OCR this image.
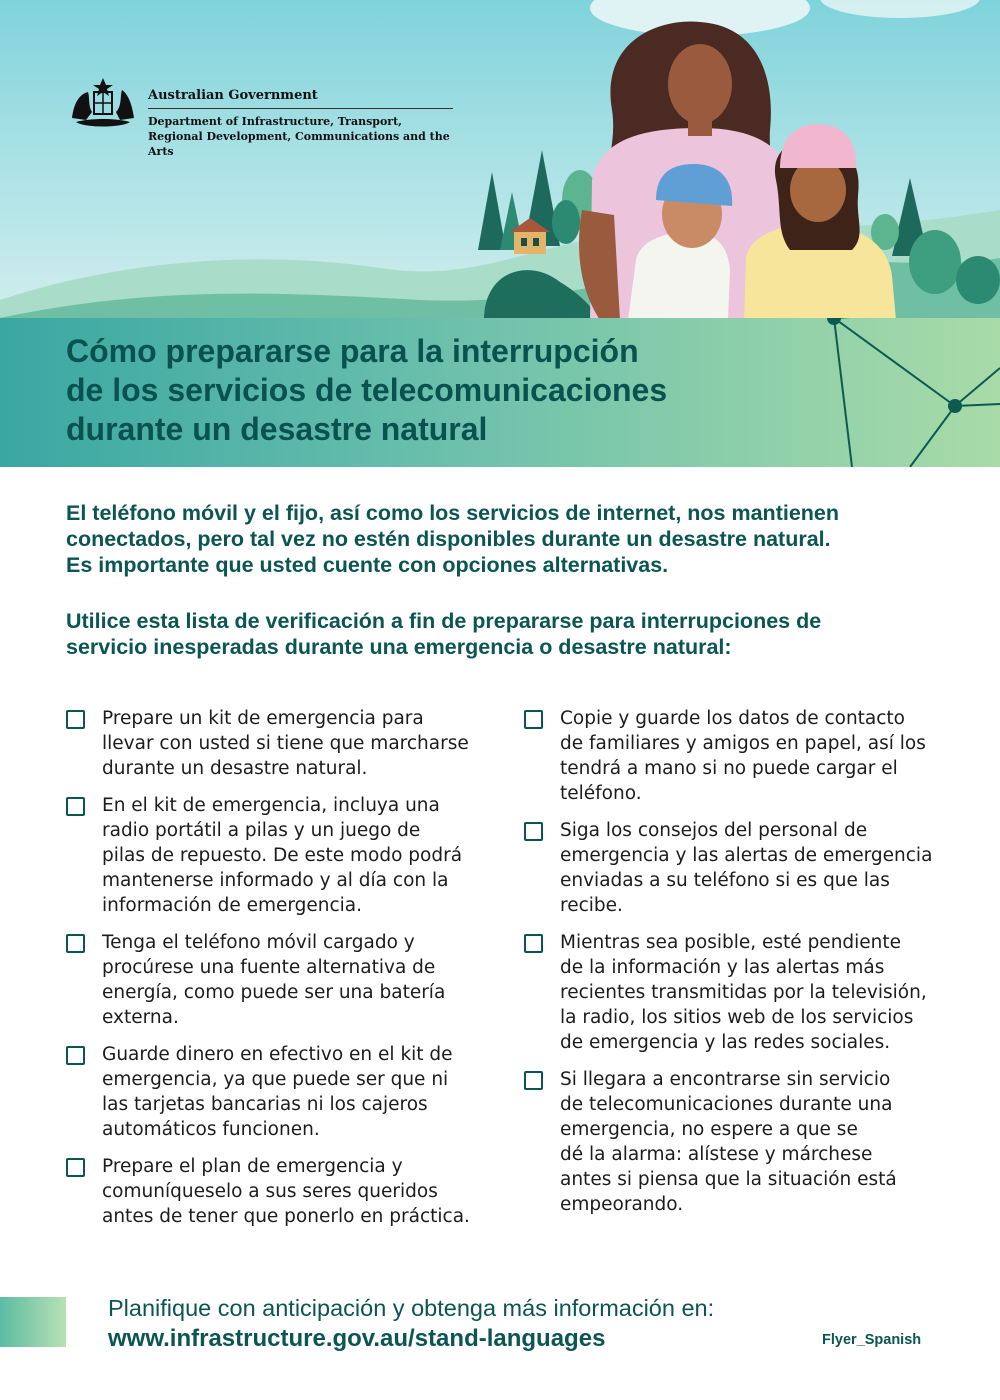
Australian Government
Department of Infrastructure, Transport,
Regional Development, Communications and the Arts
Cómo prepararse para la interrupción
de los servicios de telecomunicaciones
durante un desastre natural

El teléfono móvil y el fijo, así como los servicios de internet, nos mantienen
conectados, pero tal vez no estén disponibles durante un desastre natural.
Es importante que usted cuente con opciones alternativas.

Utilice esta lista de verificación a fin de prepararse para interrupciones de
servicio inesperadas durante una emergencia o desastre natural:

Prepare un kit de emergencia para
llevar con usted si tiene que marcharse
durante un desastre natural.
En el kit de emergencia, incluya una
radio portátil a pilas y un juego de
pilas de repuesto. De este modo podrá
mantenerse informado y al día con la
información de emergencia.
Tenga el teléfono móvil cargado y
procúrese una fuente alternativa de
energía, como puede ser una batería
externa.
Guarde dinero en efectivo en el kit de
emergencia, ya que puede ser que ni
las tarjetas bancarias ni los cajeros
automáticos funcionen.
Prepare el plan de emergencia y
comuníqueselo a sus seres queridos
antes de tener que ponerlo en práctica.
Copie y guarde los datos de contacto
de familiares y amigos en papel, así los
tendrá a mano si no puede cargar el
teléfono.
Siga los consejos del personal de
emergencia y las alertas de emergencia
enviadas a su teléfono si es que las
recibe.
Mientras sea posible, esté pendiente
de la información y las alertas más
recientes transmitidas por la televisión,
la radio, los sitios web de los servicios
de emergencia y las redes sociales.
Si llegara a encontrarse sin servicio
de telecomunicaciones durante una
emergencia, no espere a que se
dé la alarma: alístese y márchese
antes si piensa que la situación está
empeorando.
Planifique con anticipación y obtenga más información en:
www.infrastructure.gov.au/stand-languages	Flyer_Spanish
